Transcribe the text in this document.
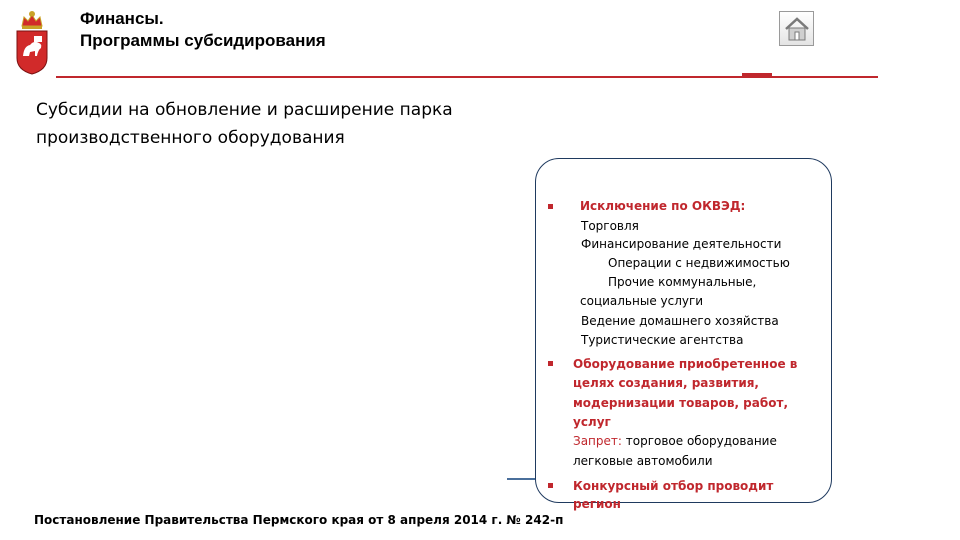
Финансы.
Программы субсидирования
Субсидии на обновление и расширение парка
производственного оборудования
Исключение по ОКВЭД:
Торговля
Финансирование деятельности
Операции с недвижимостью
Прочие коммунальные,
социальные услуги
Ведение домашнего хозяйства
Туристические агентства
Оборудование приобретенное в
целях создания, развития,
модернизации товаров, работ,
услуг
Запрет: торговое оборудование
легковые автомобили
Конкурсный отбор проводит
регион
Постановление Правительства Пермского края от 8 апреля 2014 г. № 242-п
